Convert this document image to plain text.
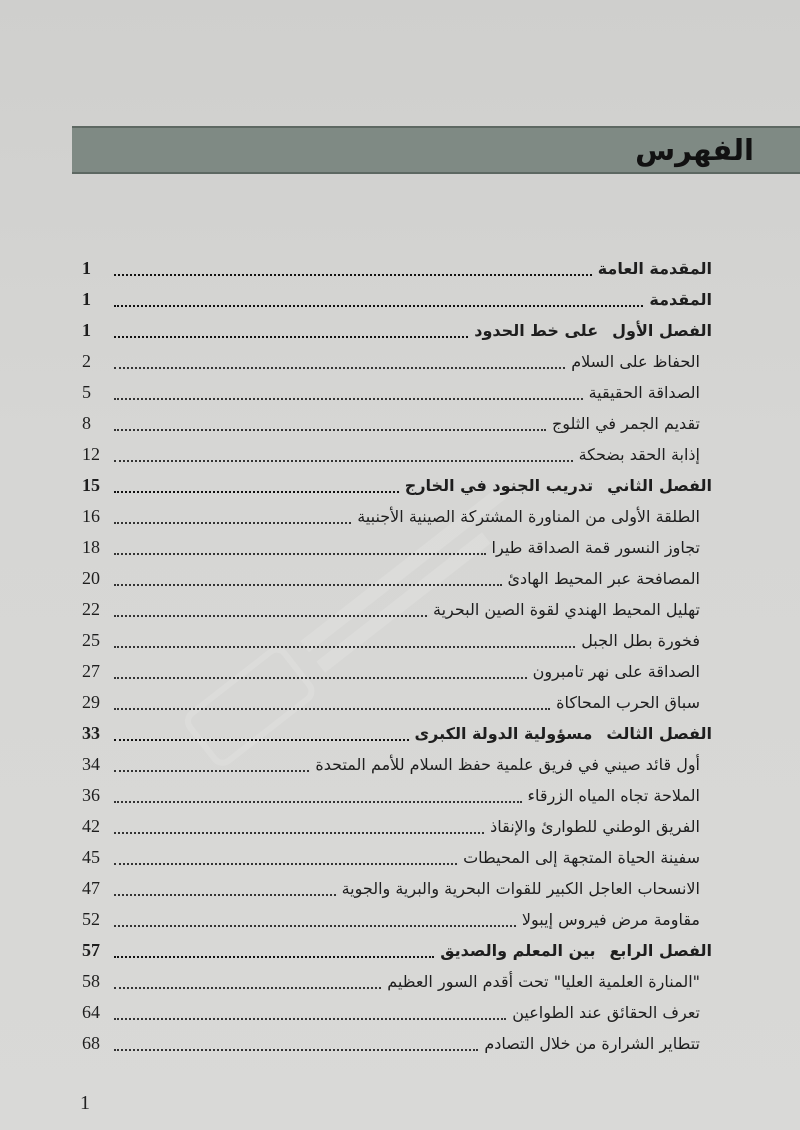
الفهرس
1	المقدمة العامة
1	المقدمة
1	الفصل الأولعلى خط الحدود
2	الحفاظ على السلام
5	الصداقة الحقيقية
8	تقديم الجمر في الثلوج
12	إذابة الحقد بضحكة
15	الفصل الثانيتدريب الجنود في الخارج
16	الطلقة الأولى من المناورة المشتركة الصينية الأجنبية
18	تجاوز النسور قمة الصداقة طيرا
20	المصافحة عبر المحيط الهادئ
22	تهليل المحيط الهندي لقوة الصين البحرية
25	فخورة بطل الجبل
27	الصداقة على نهر تامبرون
29	سباق الحرب المحاكاة
33	الفصل الثالثمسؤولية الدولة الكبرى
34	أول قائد صيني في فريق علمية حفظ السلام للأمم المتحدة
36	الملاحة تجاه المياه الزرقاء
42	الفريق الوطني للطوارئ والإنقاذ
45	سفينة الحياة المتجهة إلى المحيطات
47	الانسحاب العاجل الكبير للقوات البحرية والبرية والجوية
52	مقاومة مرض فيروس إيبولا
57	الفصل الرابعبين المعلم والصديق
58	"المنارة العلمية العليا" تحت أقدم السور العظيم
64	تعرف الحقائق عند الطواعين
68	تتطاير الشرارة من خلال التصادم
1
